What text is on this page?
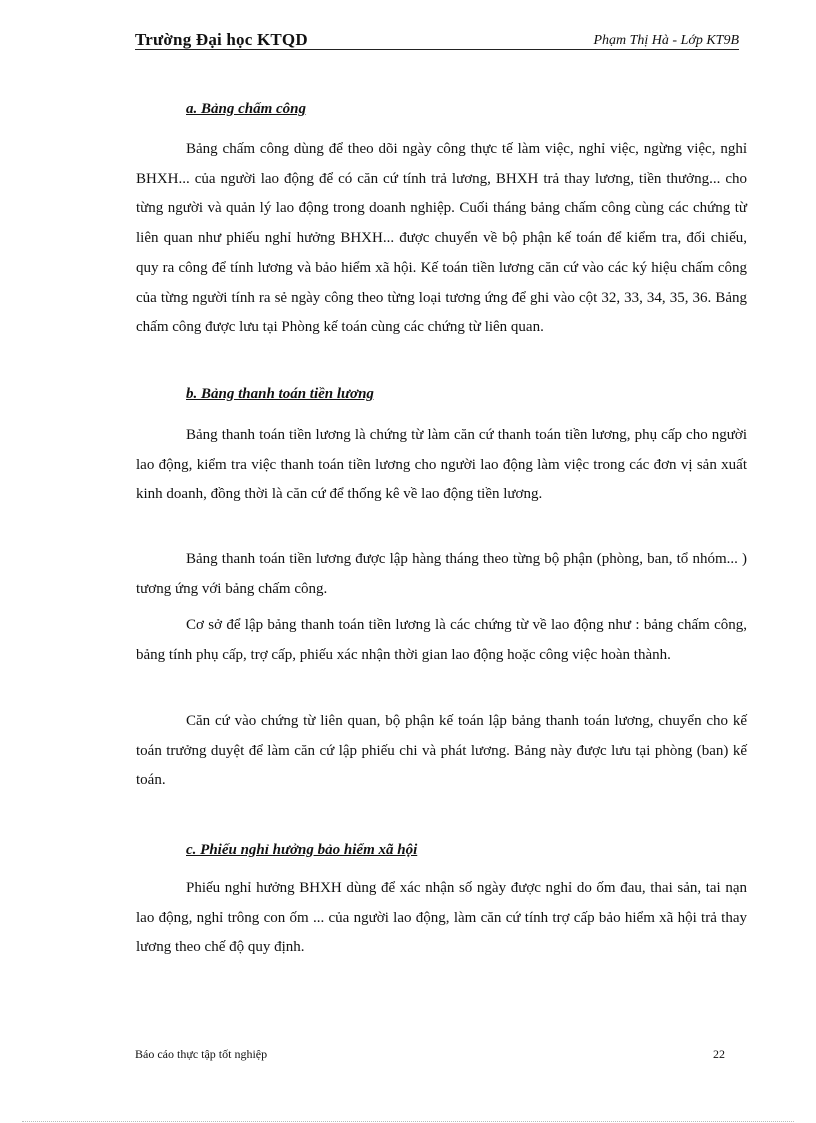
Trường Đại học KTQD	Phạm Thị Hà - Lớp KT9B
a. Bảng chấm công

Bảng chấm công dùng để theo dõi ngày công thực tế làm việc, nghỉ việc, ngừng việc, nghỉ BHXH... của người lao động để có căn cứ tính trả lương, BHXH trả thay lương, tiền thưởng... cho từng người và quản lý lao động trong doanh nghiệp. Cuối tháng bảng chấm công cùng các chứng từ liên quan như phiếu nghỉ hưởng BHXH... được chuyển về bộ phận kế toán để kiểm tra, đối chiếu, quy ra công để tính lương và bảo hiểm xã hội. Kế toán tiền lương căn cứ vào các ký hiệu chấm công của từng người tính ra sẻ ngày công theo từng loại tương ứng để ghi vào cột 32, 33, 34, 35, 36. Bảng chấm công được lưu tại Phòng kế toán cùng các chứng từ liên quan.

b. Bảng thanh toán tiền lương

Bảng thanh toán tiền lương là chứng từ làm căn cứ thanh toán tiền lương, phụ cấp cho người lao động, kiểm tra việc thanh toán tiền lương cho người lao động làm việc trong các đơn vị sản xuất kinh doanh, đồng thời là căn cứ để thống kê về lao động tiền lương.

Bảng thanh toán tiền lương được lập hàng tháng theo từng bộ phận (phòng, ban, tổ nhóm... ) tương ứng với bảng chấm công.

Cơ sở để lập bảng thanh toán tiền lương là các chứng từ về lao động như : bảng chấm công, bảng tính phụ cấp, trợ cấp, phiếu xác nhận thời gian lao động hoặc công việc hoàn thành.

Căn cứ vào chứng từ liên quan, bộ phận kế toán lập bảng thanh toán lương, chuyển cho kế toán trưởng duyệt để làm căn cứ lập phiếu chi và phát lương. Bảng này được lưu tại phòng (ban) kế toán.

c. Phiếu nghỉ hưởng bảo hiểm xã hội

Phiếu nghỉ hưởng BHXH dùng để xác nhận số ngày được nghỉ do ốm đau, thai sản, tai nạn lao động, nghỉ trông con ốm ... của người lao động, làm căn cứ tính trợ cấp bảo hiểm xã hội trả thay lương theo chế độ quy định.

Báo cáo thực tập tốt nghiệp	22
